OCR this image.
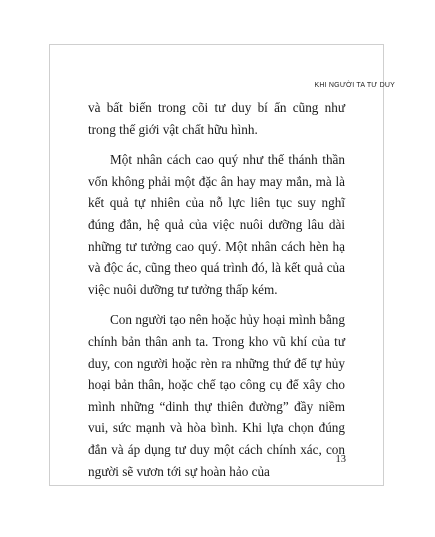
KHI NGƯỜI TA TƯ DUY

và bất biến trong cõi tư duy bí ẩn cũng như trong thế giới vật chất hữu hình.

Một nhân cách cao quý như thế thánh thần vốn không phải một đặc ân hay may mắn, mà là kết quả tự nhiên của nỗ lực liên tục suy nghĩ đúng đắn, hệ quả của việc nuôi dưỡng lâu dài những tư tưởng cao quý. Một nhân cách hèn hạ và độc ác, cũng theo quá trình đó, là kết quả của việc nuôi dưỡng tư tưởng thấp kém.

Con người tạo nên hoặc hủy hoại mình bằng chính bản thân anh ta. Trong kho vũ khí của tư duy, con người hoặc rèn ra những thứ để tự hủy hoại bản thân, hoặc chế tạo công cụ để xây cho mình những “dinh thự thiên đường” đầy niềm vui, sức mạnh và hòa bình. Khi lựa chọn đúng đắn và áp dụng tư duy một cách chính xác, con người sẽ vươn tới sự hoàn hảo của

13
